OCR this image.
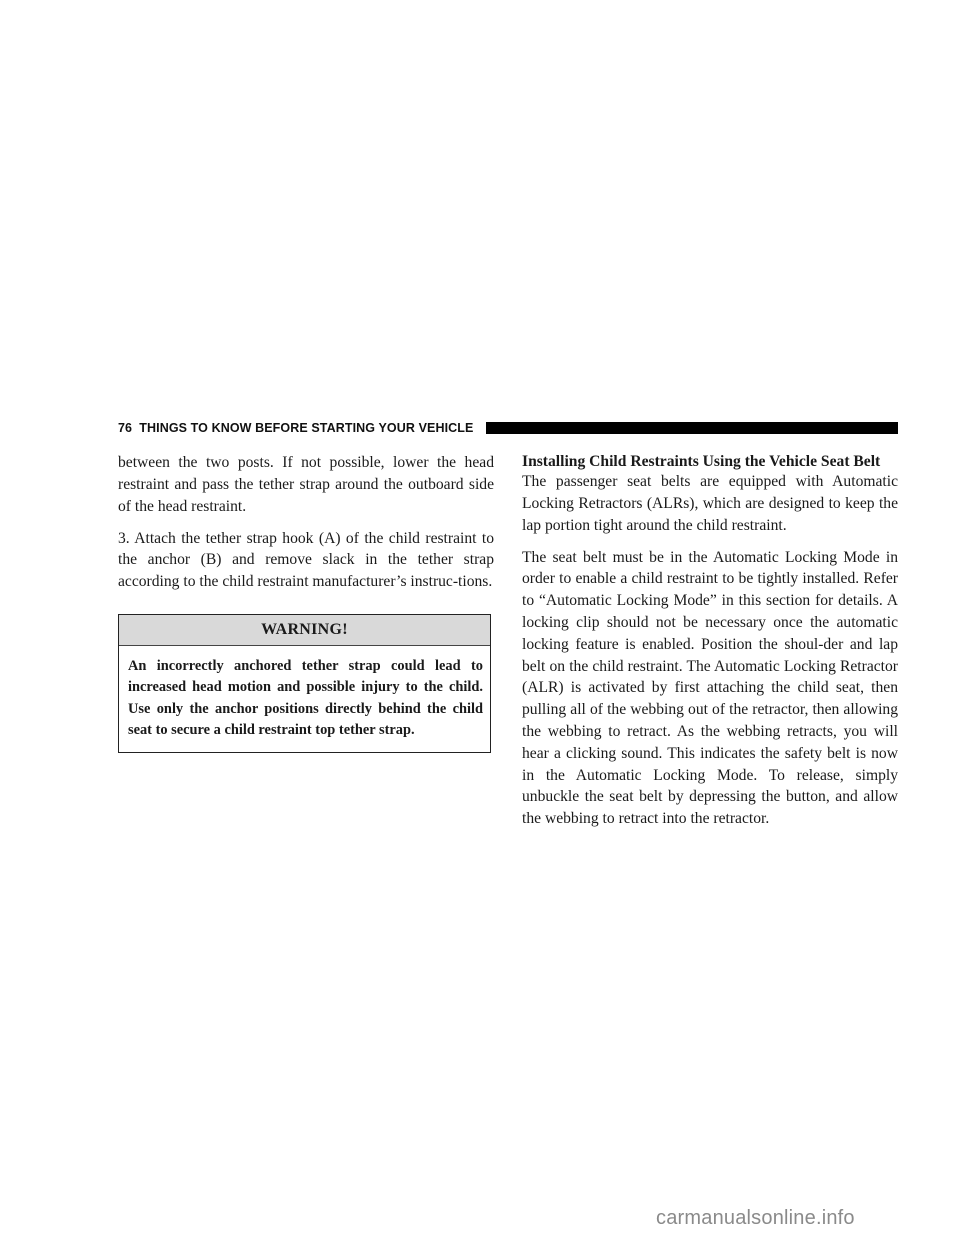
76 THINGS TO KNOW BEFORE STARTING YOUR VEHICLE

between the two posts. If not possible, lower the head restraint and pass the tether strap around the outboard side of the head restraint.

3. Attach the tether strap hook (A) of the child restraint to the anchor (B) and remove slack in the tether strap according to the child restraint manufacturer’s instruc-tions.

WARNING!
An incorrectly anchored tether strap could lead to increased head motion and possible injury to the child. Use only the anchor positions directly behind the child seat to secure a child restraint top tether strap.
Installing Child Restraints Using the Vehicle Seat Belt

The passenger seat belts are equipped with Automatic Locking Retractors (ALRs), which are designed to keep the lap portion tight around the child restraint.

The seat belt must be in the Automatic Locking Mode in order to enable a child restraint to be tightly installed. Refer to “Automatic Locking Mode” in this section for details. A locking clip should not be necessary once the automatic locking feature is enabled. Position the shoul-der and lap belt on the child restraint. The Automatic Locking Retractor (ALR) is activated by first attaching the child seat, then pulling all of the webbing out of the retractor, then allowing the webbing to retract. As the webbing retracts, you will hear a clicking sound. This indicates the safety belt is now in the Automatic Locking Mode. To release, simply unbuckle the seat belt by depressing the button, and allow the webbing to retract into the retractor.

carmanualsonline.info
